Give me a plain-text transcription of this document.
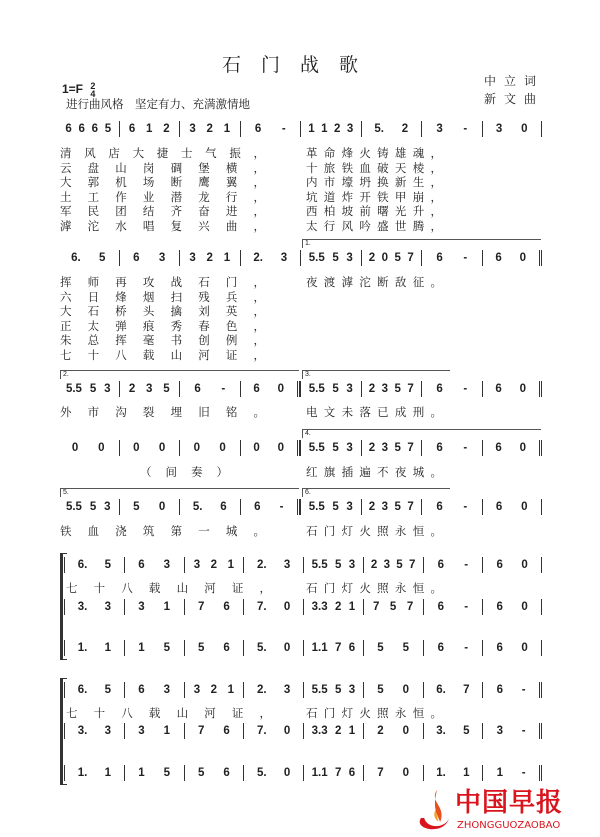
石门战歌
1=F 2
4
进行曲风格　坚定有力、充满激情地
中立词
新文曲
6 6 6 5 6 1 2 3 2 1 6 - 1 1 2 3 5. 2 3 - 3 0
清 风 店 大 捷 士 气 振 ，	革 命 烽 火 铸 雄 魂 ，
云 盘 山 岗 碉 堡 横 ，	十 旅 铁 血 破 天 棱 ，
大 郭 机 场 断 鹰 翼 ，	内 市 壕 坍 换 新 生 ，
土 工 作 业 潜 龙 行 ，	坑 道 炸 开 铁 甲 崩 ，
军 民 团 结 齐 奋 进 ，	西 柏 坡 前 曙 光 升 ，
滹 沱 水 唱 复 兴 曲 ，	太 行 风 吟 盛 世 腾 ，
6. 5 6 3 3 2 1 2. 3 5.5 5 3 2 0 5 7 6 - 6 0
1.
挥 师 再 攻 战 石 门 ，	夜 渡 滹 沱 断 敌 征 。
六 日 烽 烟 扫 残 兵 ，
大 石 桥 头 擒 刘 英 ，
正 太 弹 痕 秀 春 色 ，
朱 总 挥 毫 书 创 例 ，
七 十 八 载 山 河 证 ，
5.5 5 3 2 3 5 6 - 6 0 5.5 5 3 2 3 5 7 6 - 6 0
2.	3.
外 市 沟 裂 埋 旧 铭 。	电 文 未 落 已 成 刑 。
0 0 0 0 0 0 0 0 5.5 5 3 2 3 5 7 6 - 6 0
4.
（间奏）	红 旗 插 遍 不 夜 城 。
5.5 5 3 5 0 5. 6 6 - 5.5 5 3 2 3 5 7 6 - 6 0
5.	6.
铁 血 浇 筑 第 一 城 。	石 门 灯 火 照 永 恒 。
6. 5 6 3 3 2 1 2. 3 5.5 5 3 2 3 5 7 6 - 6 0
七 十 八 载 山 河 证 ，	石 门 灯 火 照 永 恒 。
3. 3 3 1 7 6 7. 0 3.3 2 1 7 5 7 6 - 6 0
1. 1 1 5 5 6 5. 0 1.1 7 6 5 5 6 - 6 0
6. 5 6 3 3 2 1 2. 3 5.5 5 3 5 0 6. 7 6 -
七 十 八 载 山 河 证 ，	石 门 灯 火 照 永 恒 。
3. 3 3 1 7 6 7. 0 3.3 2 1 2 0 3. 5 3 -
1. 1 1 5 5 6 5. 0 1.1 7 6 7 0 1. 1 1 -
中国早报
ZHONGGUOZAOBAO
